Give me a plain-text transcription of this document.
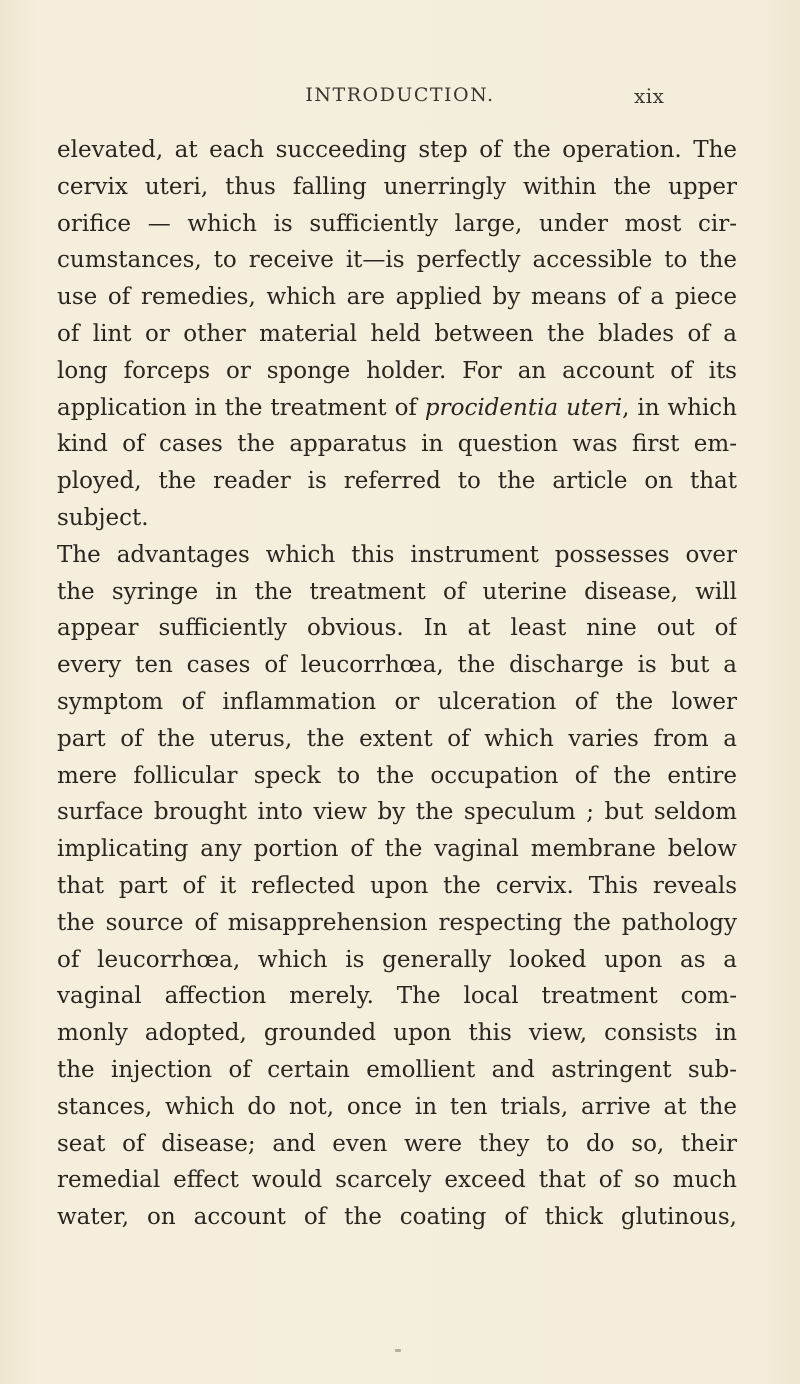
INTRODUCTION.	xix
elevated, at each succeeding step of the operation. The
cervix uteri, thus falling unerringly within the upper
orifice — which is sufficiently large, under most cir-
cumstances, to receive it—is perfectly accessible to the
use of remedies, which are applied by means of a piece
of lint or other material held between the blades of a
long forceps or sponge holder. For an account of its
application in the treatment of procidentia uteri, in which
kind of cases the apparatus in question was first em-
ployed, the reader is referred to the article on that
subject.
The advantages which this instrument possesses over
the syringe in the treatment of uterine disease, will
appear sufficiently obvious. In at least nine out of
every ten cases of leucorrhœa, the discharge is but a
symptom of inflammation or ulceration of the lower
part of the uterus, the extent of which varies from a
mere follicular speck to the occupation of the entire
surface brought into view by the speculum ; but seldom
implicating any portion of the vaginal membrane below
that part of it reflected upon the cervix. This reveals
the source of misapprehension respecting the pathology
of leucorrhœa, which is generally looked upon as a
vaginal affection merely. The local treatment com-
monly adopted, grounded upon this view, consists in
the injection of certain emollient and astringent sub-
stances, which do not, once in ten trials, arrive at the
seat of disease; and even were they to do so, their
remedial effect would scarcely exceed that of so much
water, on account of the coating of thick glutinous,
